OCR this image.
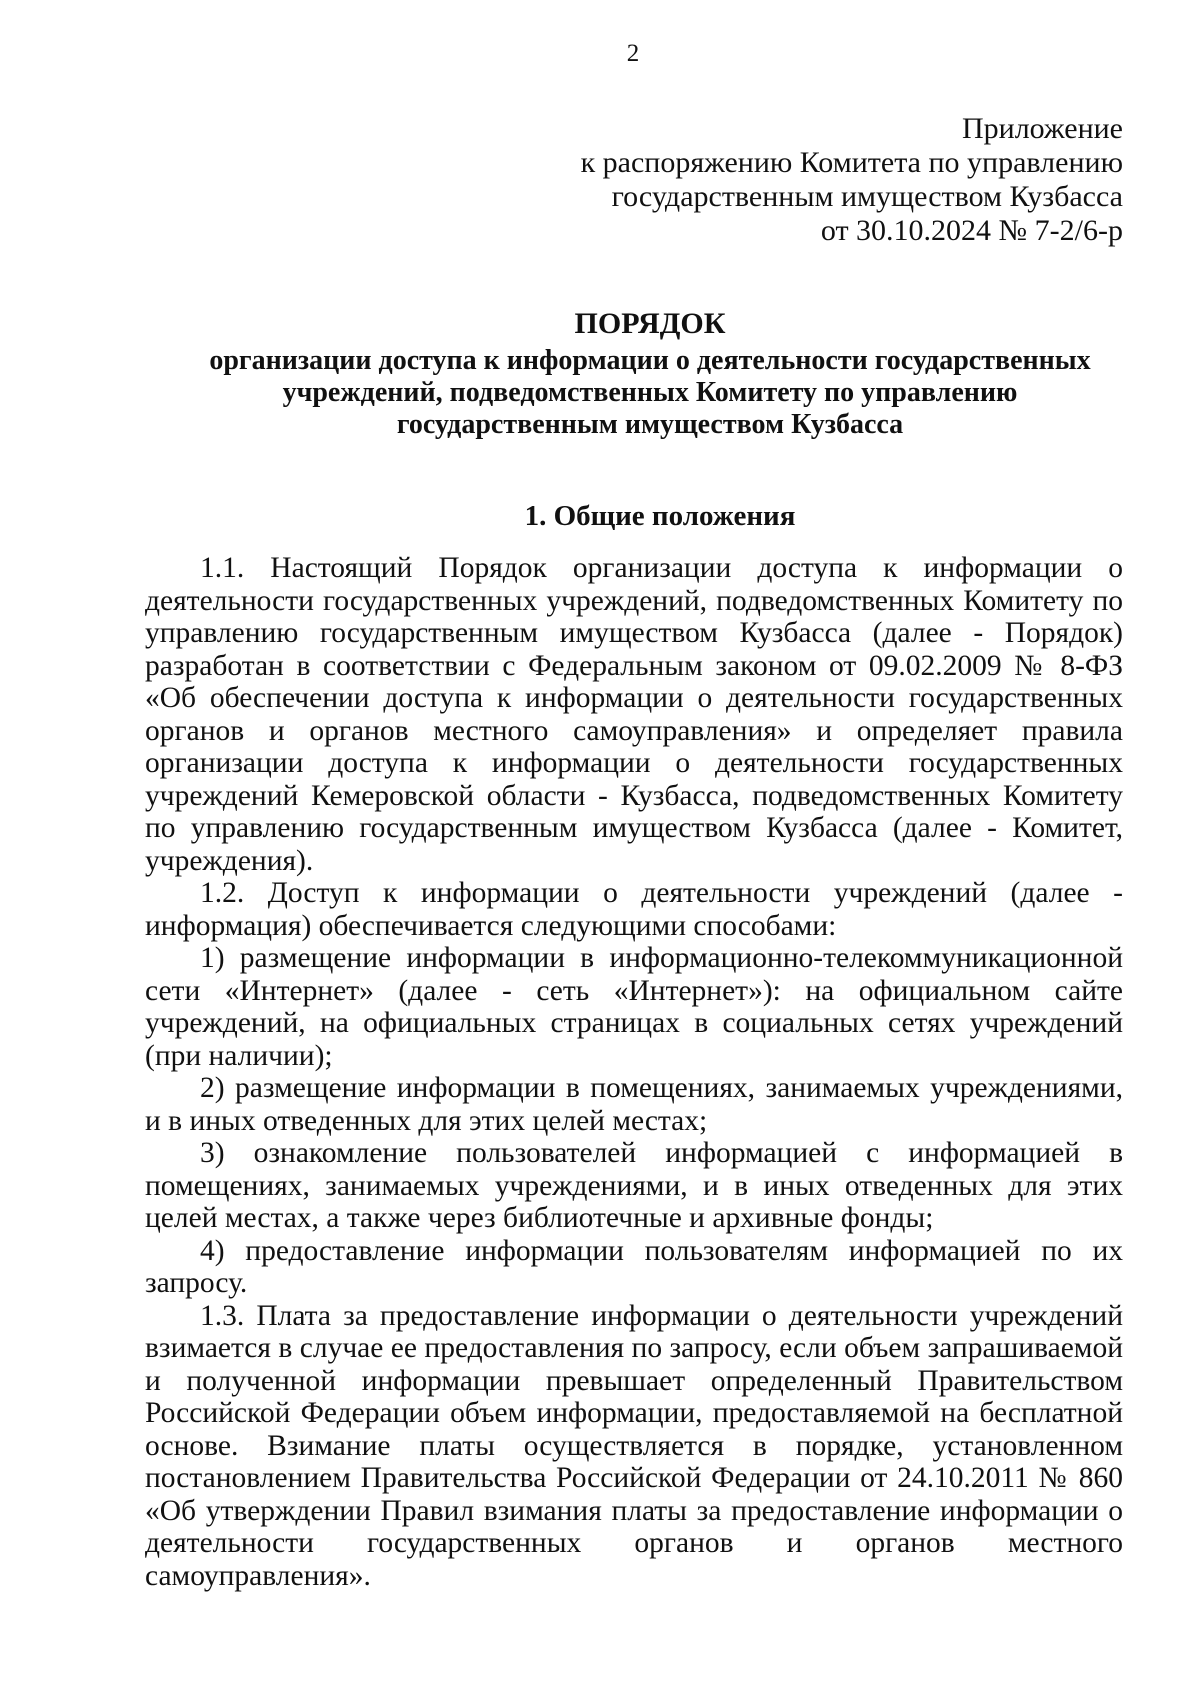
2
Приложение
к распоряжению Комитета по управлению
государственным имуществом Кузбасса
от 30.10.2024 № 7-2/6-р
ПОРЯДОК
организации доступа к информации о деятельности государственных
учреждений, подведомственных Комитету по управлению
государственным имуществом Кузбасса
1. Общие положения

1.1. Настоящий Порядок организации доступа к информации о деятельности государственных учреждений, подведомственных Комитету по управлению государственным имуществом Кузбасса (далее - Порядок) разработан в соответствии с Федеральным законом от 09.02.2009 № 8-ФЗ «Об обеспечении доступа к информации о деятельности государственных органов и органов местного самоуправления» и определяет правила организации доступа к информации о деятельности государственных учреждений Кемеровской области - Кузбасса, подведомственных Комитету по управлению государственным имуществом Кузбасса (далее - Комитет, учреждения).

1.2. Доступ к информации о деятельности учреждений (далее - информация) обеспечивается следующими способами:

1) размещение информации в информационно-телекоммуникационной сети «Интернет» (далее - сеть «Интернет»): на официальном сайте учреждений, на официальных страницах в социальных сетях учреждений (при наличии);

2) размещение информации в помещениях, занимаемых учреждениями, и в иных отведенных для этих целей местах;

3) ознакомление пользователей информацией с информацией в помещениях, занимаемых учреждениями, и в иных отведенных для этих целей местах, а также через библиотечные и архивные фонды;

4) предоставление информации пользователям информацией по их запросу.

1.3. Плата за предоставление информации о деятельности учреждений взимается в случае ее предоставления по запросу, если объем запрашиваемой и полученной информации превышает определенный Правительством Российской Федерации объем информации, предоставляемой на бесплатной основе. Взимание платы осуществляется в порядке, установленном постановлением Правительства Российской Федерации от 24.10.2011 № 860 «Об утверждении Правил взимания платы за предоставление информации о деятельности государственных органов и органов местного самоуправления».
